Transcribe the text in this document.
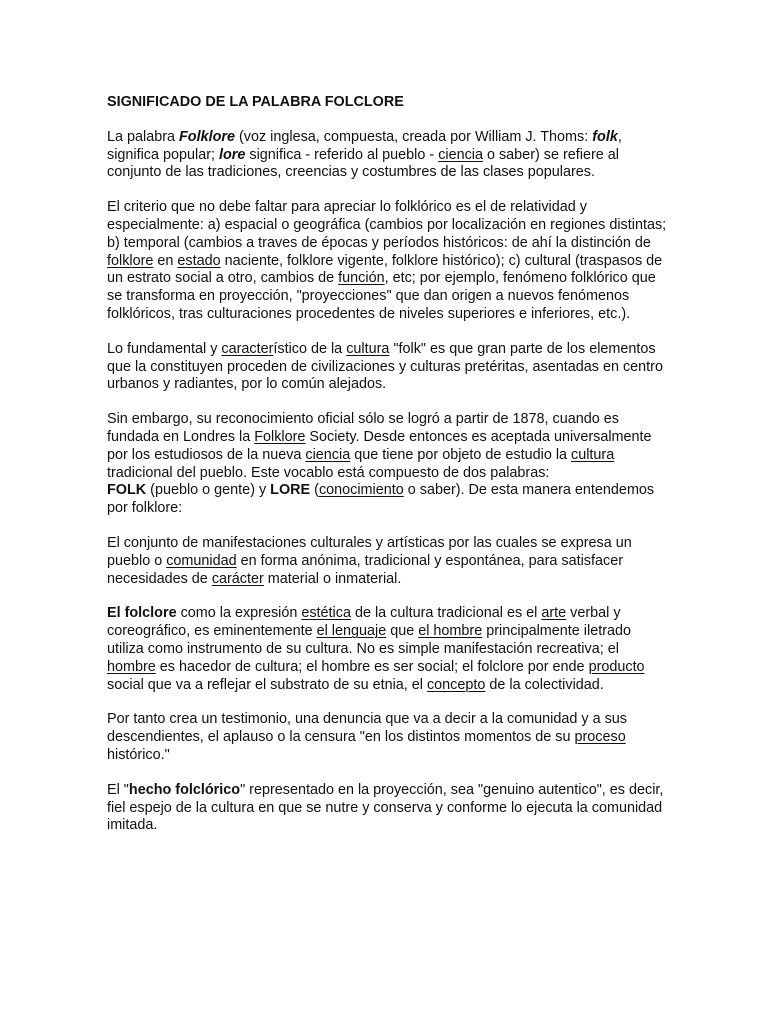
SIGNIFICADO DE LA PALABRA FOLCLORE

La palabra Folklore (voz inglesa, compuesta, creada por William J. Thoms: folk, significa popular; lore significa - referido al pueblo - ciencia o saber) se refiere al conjunto de las tradiciones, creencias y costumbres de las clases populares.

El criterio que no debe faltar para apreciar lo folklórico es el de relatividad y especialmente: a) espacial o geográfica (cambios por localización en regiones distintas; b) temporal (cambios a traves de épocas y períodos históricos: de ahí la distinción de folklore en estado naciente, folklore vigente, folklore histórico); c) cultural (traspasos de un estrato social a otro, cambios de función, etc; por ejemplo, fenómeno folklórico que se transforma en proyección, "proyecciones" que dan origen a nuevos fenómenos folklóricos, tras culturaciones procedentes de niveles superiores e inferiores, etc.).

Lo fundamental y característico de la cultura "folk" es que gran parte de los elementos que la constituyen proceden de civilizaciones y culturas pretéritas, asentadas en centro urbanos y radiantes, por lo común alejados.

Sin embargo, su reconocimiento oficial sólo se logró a partir de 1878, cuando es fundada en Londres la Folklore Society. Desde entonces es aceptada universalmente por los estudiosos de la nueva ciencia que tiene por objeto de estudio la cultura tradicional del pueblo. Este vocablo está compuesto de dos palabras:
FOLK (pueblo o gente) y LORE (conocimiento o saber). De esta manera entendemos por folklore:

El conjunto de manifestaciones culturales y artísticas por las cuales se expresa un pueblo o comunidad en forma anónima, tradicional y espontánea, para satisfacer necesidades de carácter material o inmaterial.

El folclore como la expresión estética de la cultura tradicional es el arte verbal y coreográfico, es eminentemente el lenguaje que el hombre principalmente iletrado utiliza como instrumento de su cultura. No es simple manifestación recreativa; el hombre es hacedor de cultura; el hombre es ser social; el folclore por ende producto social que va a reflejar el substrato de su etnia, el concepto de la colectividad.

Por tanto crea un testimonio, una denuncia que va a decir a la comunidad y a sus descendientes, el aplauso o la censura "en los distintos momentos de su proceso histórico."

El "hecho folclórico" representado en la proyección, sea "genuino autentico", es decir, fiel espejo de la cultura en que se nutre y conserva y conforme lo ejecuta la comunidad imitada.
